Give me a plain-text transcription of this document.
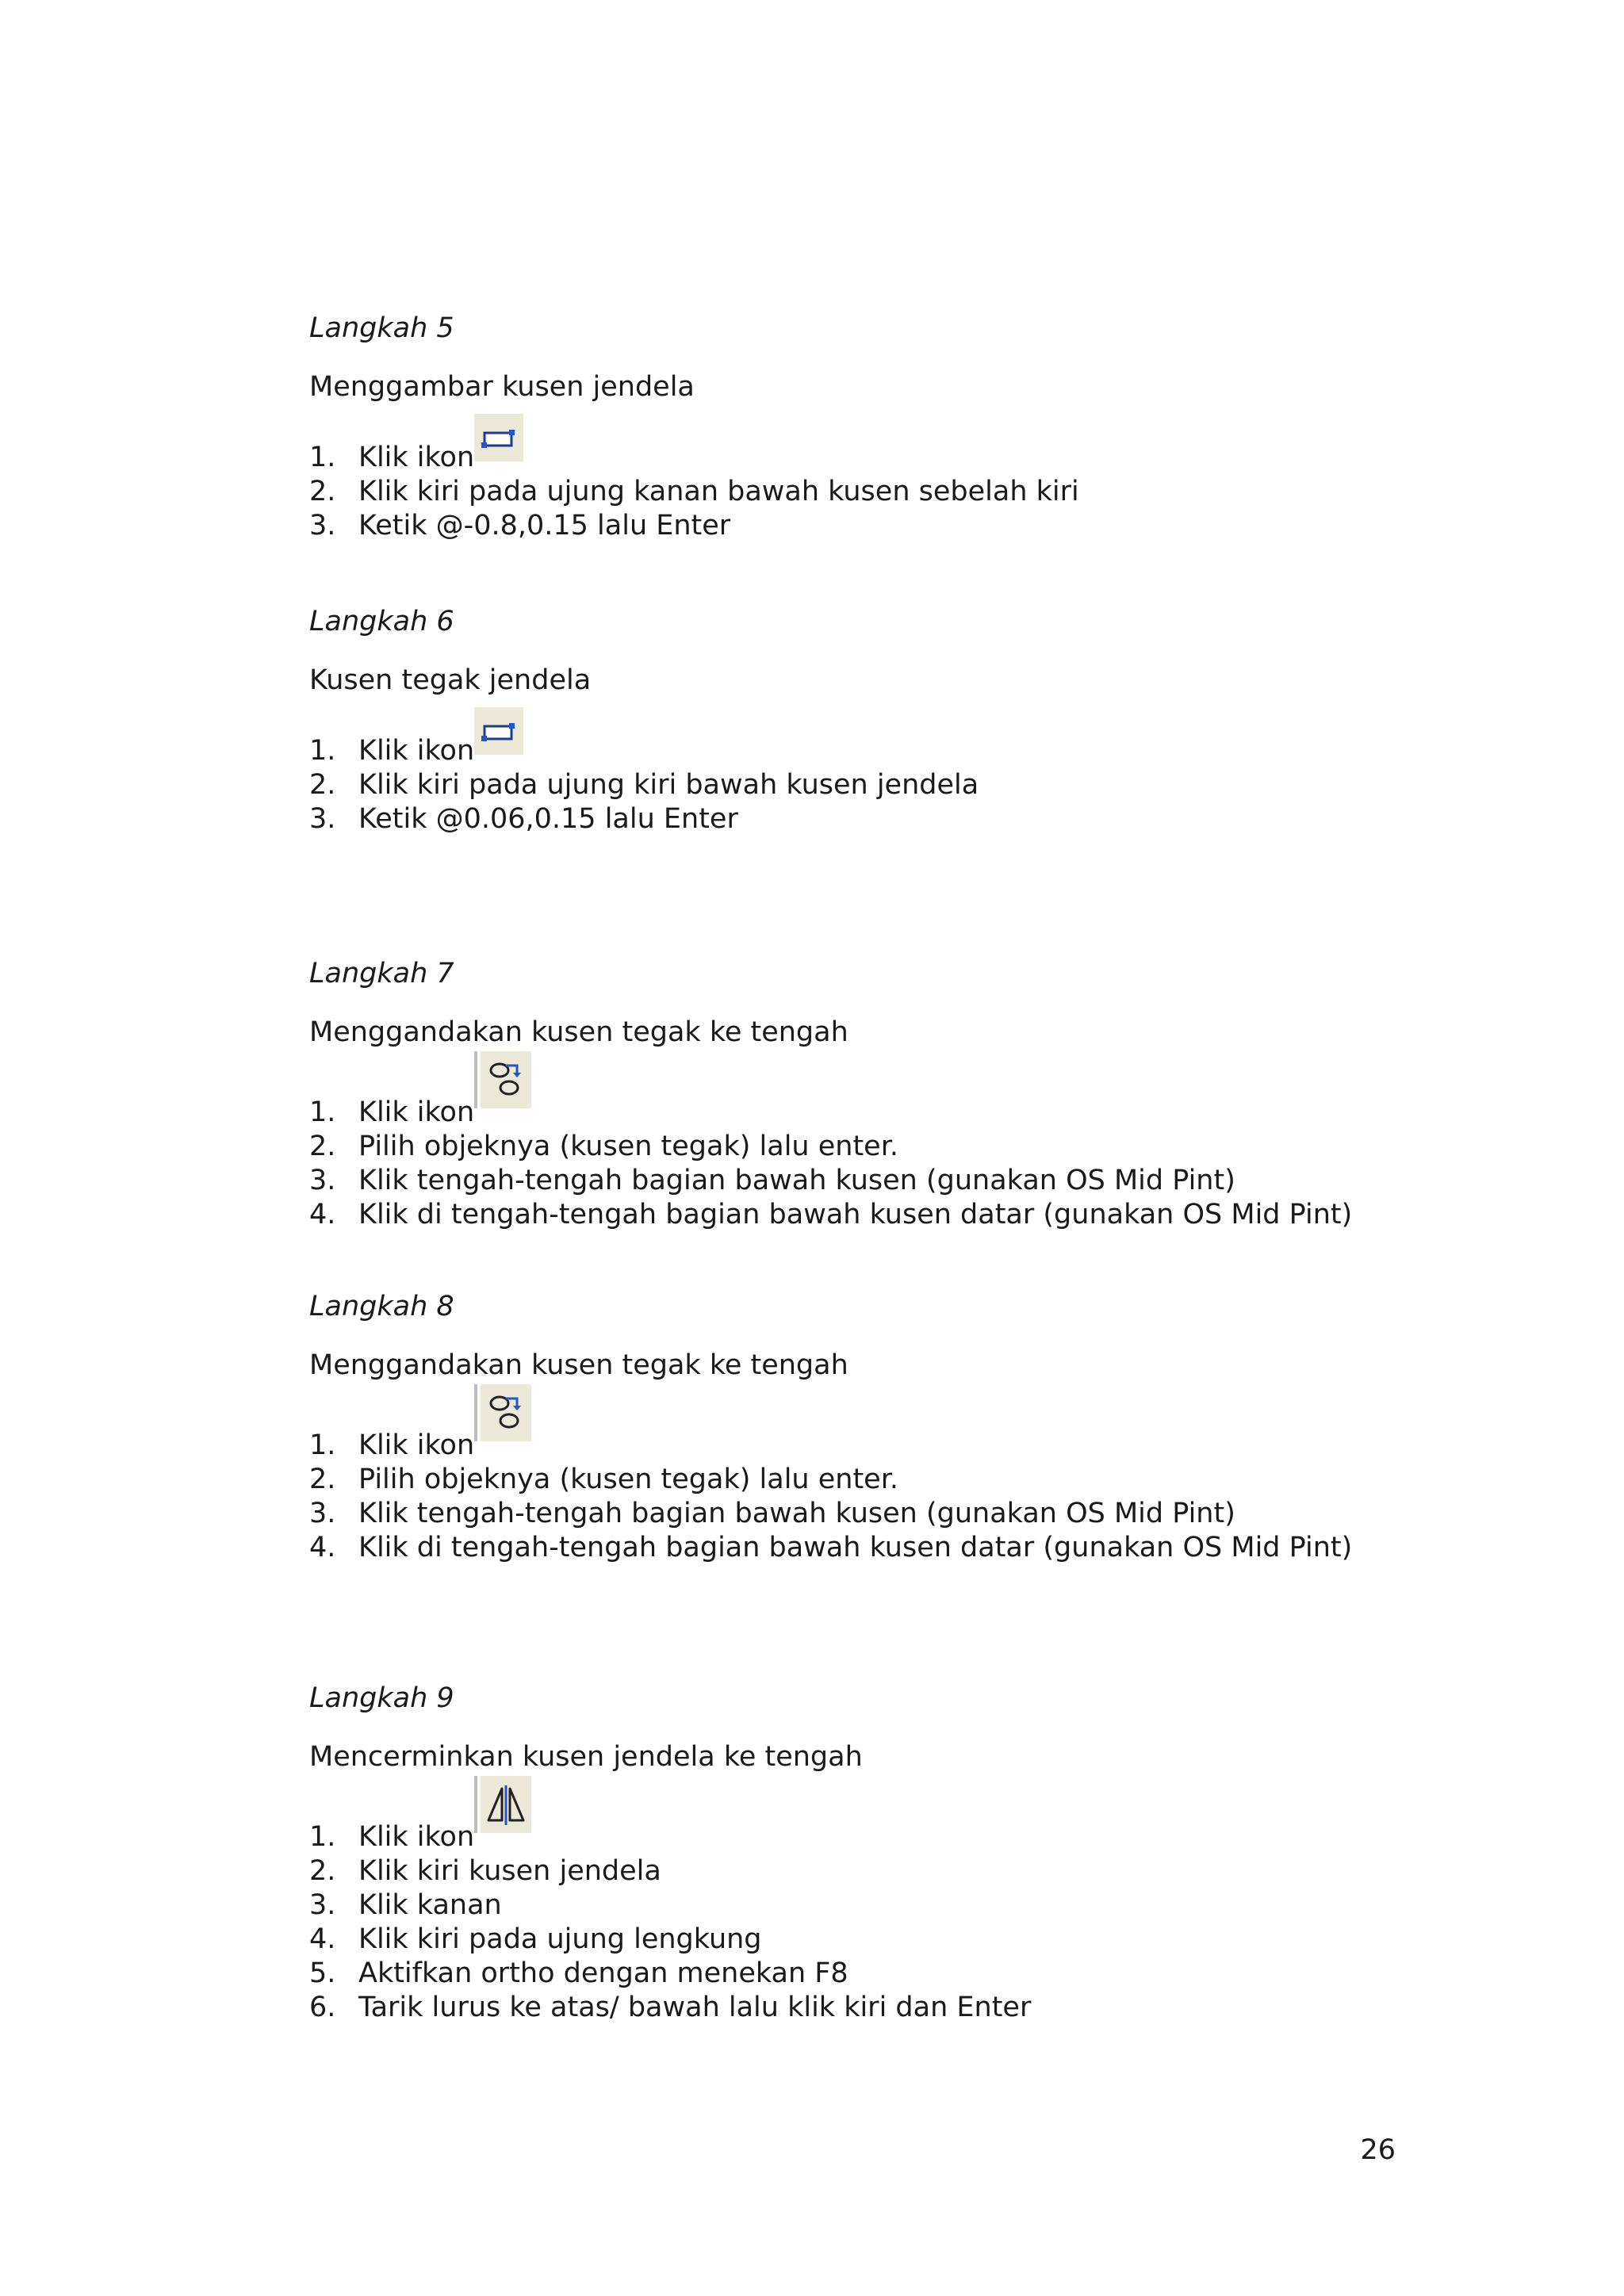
Langkah 5
Menggambar kusen jendela
1. Klik ikon
2. Klik kiri pada ujung kanan bawah kusen sebelah kiri
3. Ketik @-0.8,0.15 lalu Enter
Langkah 6
Kusen tegak jendela
1. Klik ikon
2. Klik kiri pada ujung kiri bawah kusen jendela
3. Ketik @0.06,0.15 lalu Enter
Langkah 7
Menggandakan kusen tegak ke tengah
1. Klik ikon
2. Pilih objeknya (kusen tegak) lalu enter.
3. Klik tengah-tengah bagian bawah kusen (gunakan OS Mid Pint)
4. Klik di tengah-tengah bagian bawah kusen datar (gunakan OS Mid Pint)
Langkah 8
Menggandakan kusen tegak ke tengah
1. Klik ikon
2. Pilih objeknya (kusen tegak) lalu enter.
3. Klik tengah-tengah bagian bawah kusen (gunakan OS Mid Pint)
4. Klik di tengah-tengah bagian bawah kusen datar (gunakan OS Mid Pint)
Langkah 9
Mencerminkan kusen jendela ke tengah
1. Klik ikon
2. Klik kiri kusen jendela
3. Klik kanan
4. Klik kiri pada ujung lengkung
5. Aktifkan ortho dengan menekan F8
6. Tarik lurus ke atas/ bawah lalu klik kiri dan Enter
26
